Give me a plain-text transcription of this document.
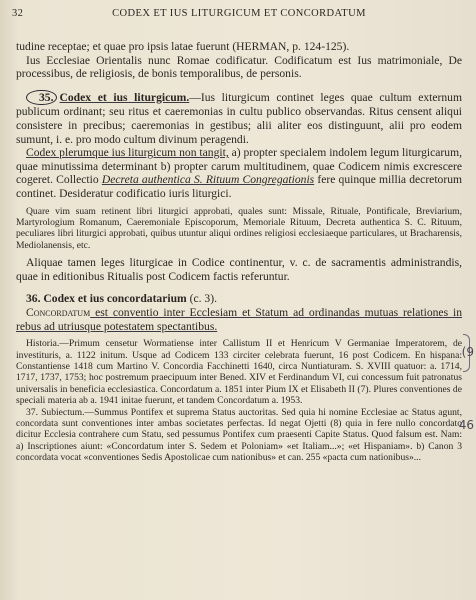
32	CODEX ET IUS LITURGICUM ET CONCORDATUM

tudine receptae; et quae pro ipsis latae fuerunt (HERMAN, p. 124-125).

Ius Ecclesiae Orientalis nunc Romae codificatur. Codificatum est Ius matrimoniale, De processibus, de religiosis, de bonis temporalibus, de personis.

35. Codex et ius liturgicum.—Ius liturgicum continet leges quae cultum externum publicum ordinant; seu ritus et caeremonias in cultu publico observandas. Ritus censent aliqui consistere in precibus; caeremonias in gestibus; alii aliter eos distinguunt, alii pro eodem sumunt, i. e. pro modo cultum divinum peragendi.

Codex plerumque ius liturgicum non tangit, a) propter specialem indolem legum liturgicarum, quae minutissima determinant b) propter carum multitudinem, quae Codicem nimis excrescere cogeret. Collectio Decreta authentica S. Rituum Congregationis fere quinque millia decretorum continet. Desideratur codificatio iuris liturgici.

Quare vim suam retinent libri liturgici approbati, quales sunt: Missale, Rituale, Pontificale, Breviarium, Martyrologium Romanum, Caeremoniale Episcoporum, Memoriale Rituum, Decreta authentica S. C. Rituum, peculiares libri liturgici approbati, quibus utuntur aliqui ordines religiosi ecclesiaeque particulares, ut Bracharensis, Mediolanensis, etc.

Aliquae tamen leges liturgicae in Codice continentur, v. c. de sacramentis administrandis, quae in editionibus Ritualis post Codicem factis referuntur.

36. Codex et ius concordatarium (c. 3).

Concordatum est conventio inter Ecclesiam et Statum ad ordinandas mutuas relationes in rebus ad utriusque potestatem spectantibus.

Historia.—Primum censetur Wormatiense inter Callistum II et Henricum V Germaniae Imperatorem, de investituris, a. 1122 initum. Usque ad Codicem 133 circiter celebrata fuerunt, 16 post Codicem. En hispana: Constantiense 1418 cum Martino V. Concordia Facchinetti 1640, circa Nuntiaturam. S. XVIII quatuor: a. 1714, 1717, 1737, 1753; hoc postremum praecipuum inter Bened. XIV et Ferdinandum VI, cui concessum fuit patronatus universalis in beneficia ecclesiastica. Concordatum a. 1851 inter Pium IX et Elisabeth II (7). Plures conventiones de speciali materia ab a. 1941 initae fuerunt, et tandem Concordatum a. 1953.

37. Subiectum.—Summus Pontifex et suprema Status auctoritas. Sed quia hi nomine Ecclesiae ac Status agunt, concordata sunt conventiones inter ambas societates perfectas. Id negat Ojetti (8) quia in fere nullo concordato dicitur Ecclesia contrahere cum Statu, sed pessumus Pontifex cum praesenti Capite Status. Quod falsum est. Nam: a) Inscriptiones aiunt: «Concordatum inter S. Sedem et Poloniam» «et Italiam...»; «et Hispaniam». b) Canon 3 concordata vocat «conventiones Sedis Apostolicae cum nationibus» et can. 255 «pacta cum nationibus»...

(9
46
